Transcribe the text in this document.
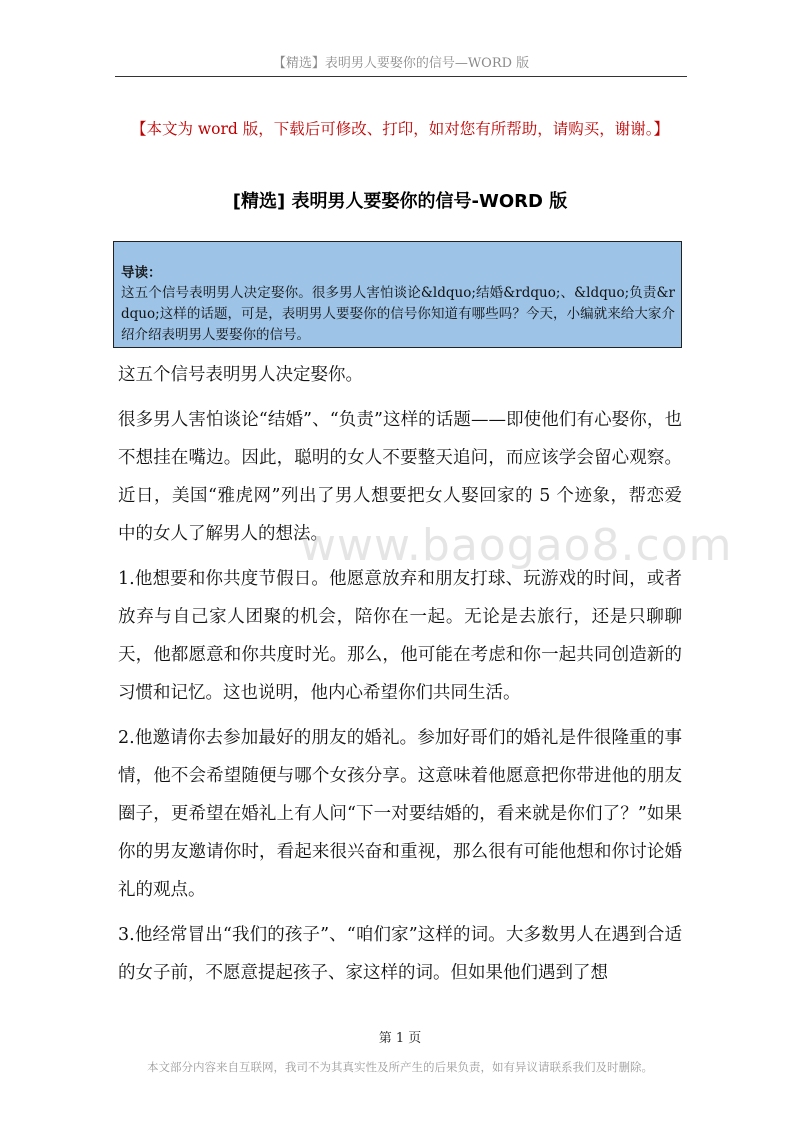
【精选】表明男人要娶你的信号—WORD 版
【本文为 word 版，下载后可修改、打印，如对您有所帮助，请购买，谢谢。】
[精选] 表明男人要娶你的信号-WORD 版
导读：
这五个信号表明男人决定娶你。很多男人害怕谈论&ldquo;结婚&rdquo;、&ldquo;负责&rdquo;这样的话题，可是，表明男人要娶你的信号你知道有哪些吗？今天，小编就来给大家介绍介绍表明男人要娶你的信号。

这五个信号表明男人决定娶你。

很多男人害怕谈论“结婚”、“负责”这样的话题——即使他们有心娶你，也不想挂在嘴边。因此，聪明的女人不要整天追问，而应该学会留心观察。近日，美国“雅虎网”列出了男人想要把女人娶回家的 5 个迹象，帮恋爱中的女人了解男人的想法。

1.他想要和你共度节假日。他愿意放弃和朋友打球、玩游戏的时间，或者放弃与自己家人团聚的机会，陪你在一起。无论是去旅行，还是只聊聊天，他都愿意和你共度时光。那么，他可能在考虑和你一起共同创造新的习惯和记忆。这也说明，他内心希望你们共同生活。

2.他邀请你去参加最好的朋友的婚礼。参加好哥们的婚礼是件很隆重的事情，他不会希望随便与哪个女孩分享。这意味着他愿意把你带进他的朋友圈子，更希望在婚礼上有人问“下一对要结婚的，看来就是你们了？”如果你的男友邀请你时，看起来很兴奋和重视，那么很有可能他想和你讨论婚礼的观点。

3.他经常冒出“我们的孩子”、“咱们家”这样的词。大多数男人在遇到合适的女子前，不愿意提起孩子、家这样的词。但如果他们遇到了想

www.baogao8.com
第 1 页
本文部分内容来自互联网，我司不为其真实性及所产生的后果负责，如有异议请联系我们及时删除。
